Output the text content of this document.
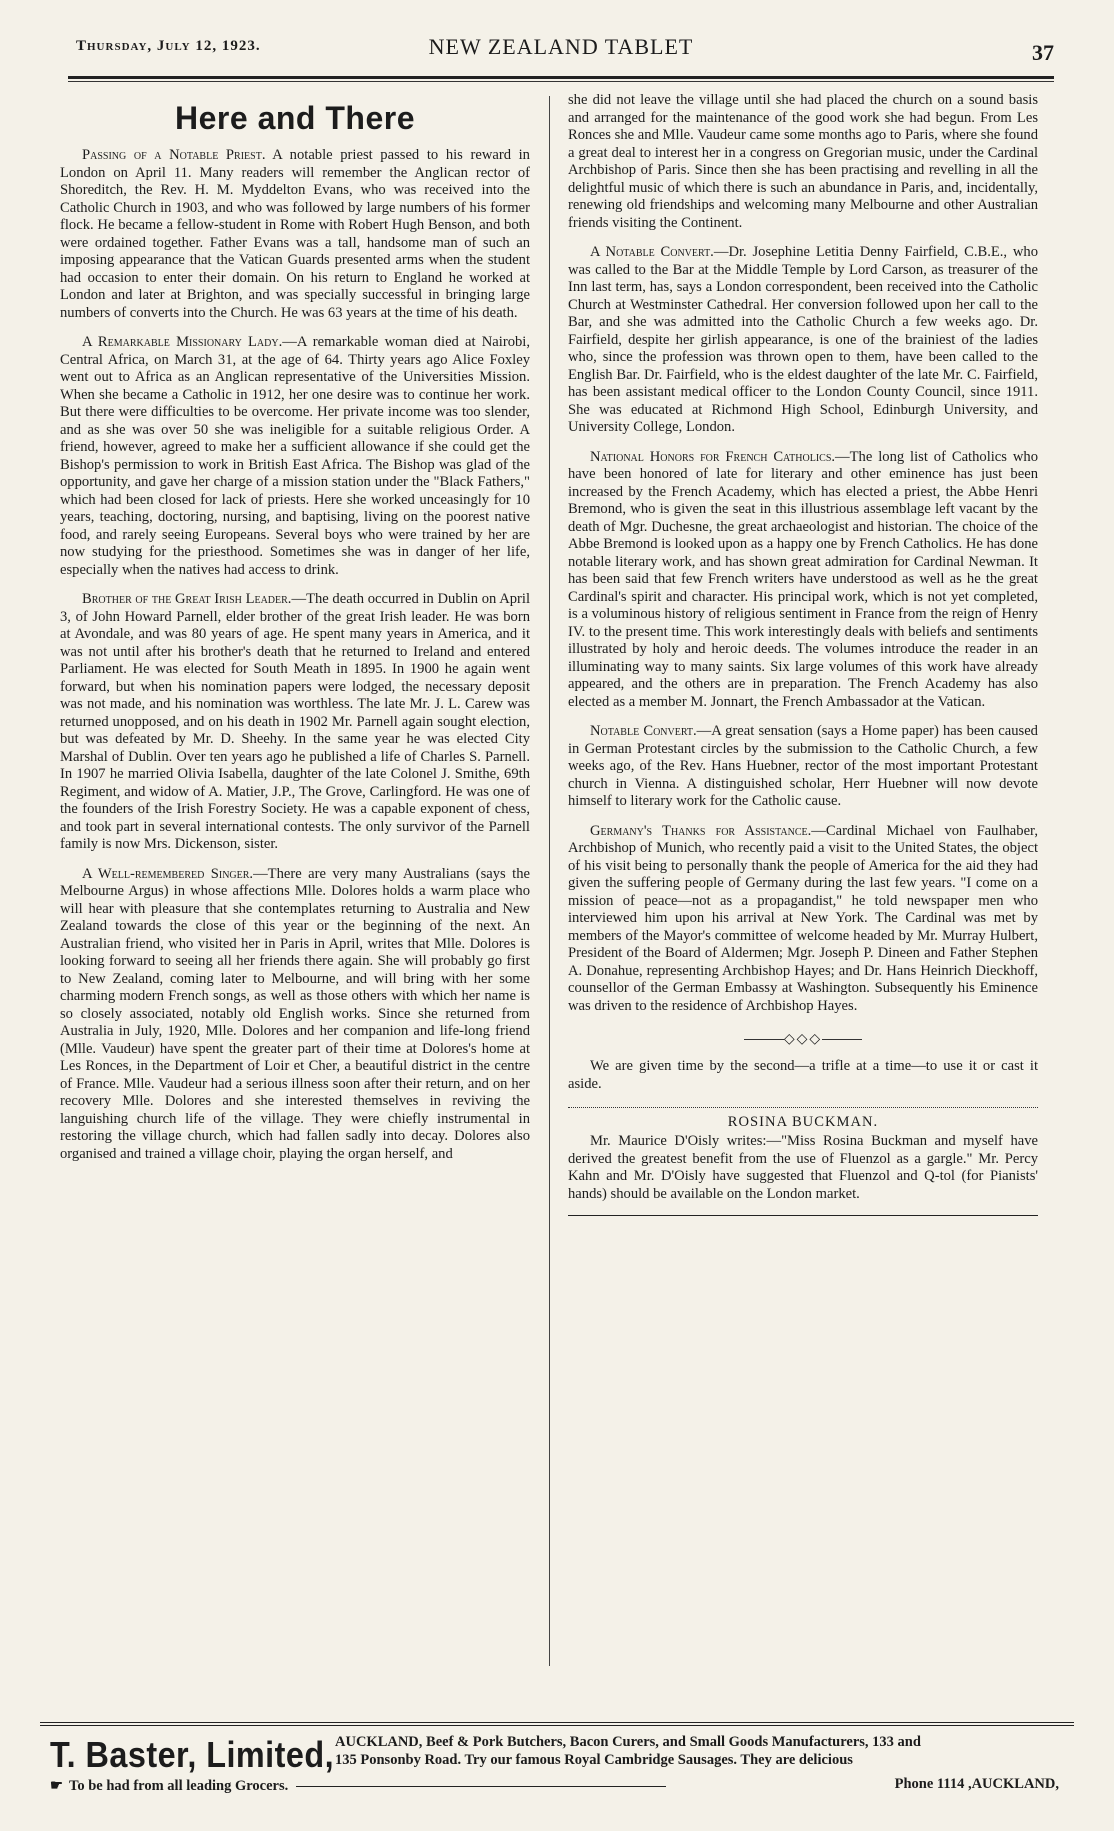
Thursday, July 12, 1923.	NEW ZEALAND TABLET	37
Here and There

Passing of a Notable Priest. A notable priest passed to his reward in London on April 11. Many readers will remember the Anglican rector of Shoreditch, the Rev. H. M. Myddelton Evans, who was received into the Catholic Church in 1903, and who was followed by large numbers of his former flock. He became a fellow-student in Rome with Robert Hugh Benson, and both were ordained together. Father Evans was a tall, handsome man of such an imposing appearance that the Vatican Guards presented arms when the student had occasion to enter their domain. On his return to England he worked at London and later at Brighton, and was specially successful in bringing large numbers of converts into the Church. He was 63 years at the time of his death.

A Remarkable Missionary Lady.—A remarkable woman died at Nairobi, Central Africa, on March 31, at the age of 64. Thirty years ago Alice Foxley went out to Africa as an Anglican representative of the Universities Mission. When she became a Catholic in 1912, her one desire was to continue her work. But there were difficulties to be overcome. Her private income was too slender, and as she was over 50 she was ineligible for a suitable religious Order. A friend, however, agreed to make her a sufficient allowance if she could get the Bishop's permission to work in British East Africa. The Bishop was glad of the opportunity, and gave her charge of a mission station under the "Black Fathers," which had been closed for lack of priests. Here she worked unceasingly for 10 years, teaching, doctoring, nursing, and baptising, living on the poorest native food, and rarely seeing Europeans. Several boys who were trained by her are now studying for the priesthood. Sometimes she was in danger of her life, especially when the natives had access to drink.

Brother of the Great Irish Leader.—The death occurred in Dublin on April 3, of John Howard Parnell, elder brother of the great Irish leader. He was born at Avondale, and was 80 years of age. He spent many years in America, and it was not until after his brother's death that he returned to Ireland and entered Parliament. He was elected for South Meath in 1895. In 1900 he again went forward, but when his nomination papers were lodged, the necessary deposit was not made, and his nomination was worthless. The late Mr. J. L. Carew was returned unopposed, and on his death in 1902 Mr. Parnell again sought election, but was defeated by Mr. D. Sheehy. In the same year he was elected City Marshal of Dublin. Over ten years ago he published a life of Charles S. Parnell. In 1907 he married Olivia Isabella, daughter of the late Colonel J. Smithe, 69th Regiment, and widow of A. Matier, J.P., The Grove, Carlingford. He was one of the founders of the Irish Forestry Society. He was a capable exponent of chess, and took part in several international contests. The only survivor of the Parnell family is now Mrs. Dickenson, sister.

A Well-remembered Singer.—There are very many Australians (says the Melbourne Argus) in whose affections Mlle. Dolores holds a warm place who will hear with pleasure that she contemplates returning to Australia and New Zealand towards the close of this year or the beginning of the next. An Australian friend, who visited her in Paris in April, writes that Mlle. Dolores is looking forward to seeing all her friends there again. She will probably go first to New Zealand, coming later to Melbourne, and will bring with her some charming modern French songs, as well as those others with which her name is so closely associated, notably old English works. Since she returned from Australia in July, 1920, Mlle. Dolores and her companion and life-long friend (Mlle. Vaudeur) have spent the greater part of their time at Dolores's home at Les Ronces, in the Department of Loir et Cher, a beautiful district in the centre of France. Mlle. Vaudeur had a serious illness soon after their return, and on her recovery Mlle. Dolores and she interested themselves in reviving the languishing church life of the village. They were chiefly instrumental in restoring the village church, which had fallen sadly into decay. Dolores also organised and trained a village choir, playing the organ herself, and

she did not leave the village until she had placed the church on a sound basis and arranged for the maintenance of the good work she had begun. From Les Ronces she and Mlle. Vaudeur came some months ago to Paris, where she found a great deal to interest her in a congress on Gregorian music, under the Cardinal Archbishop of Paris. Since then she has been practising and revelling in all the delightful music of which there is such an abundance in Paris, and, incidentally, renewing old friendships and welcoming many Melbourne and other Australian friends visiting the Continent.

A Notable Convert.—Dr. Josephine Letitia Denny Fairfield, C.B.E., who was called to the Bar at the Middle Temple by Lord Carson, as treasurer of the Inn last term, has, says a London correspondent, been received into the Catholic Church at Westminster Cathedral. Her conversion followed upon her call to the Bar, and she was admitted into the Catholic Church a few weeks ago. Dr. Fairfield, despite her girlish appearance, is one of the brainiest of the ladies who, since the profession was thrown open to them, have been called to the English Bar. Dr. Fairfield, who is the eldest daughter of the late Mr. C. Fairfield, has been assistant medical officer to the London County Council, since 1911. She was educated at Richmond High School, Edinburgh University, and University College, London.

National Honors for French Catholics.—The long list of Catholics who have been honored of late for literary and other eminence has just been increased by the French Academy, which has elected a priest, the Abbe Henri Bremond, who is given the seat in this illustrious assemblage left vacant by the death of Mgr. Duchesne, the great archaeologist and historian. The choice of the Abbe Bremond is looked upon as a happy one by French Catholics. He has done notable literary work, and has shown great admiration for Cardinal Newman. It has been said that few French writers have understood as well as he the great Cardinal's spirit and character. His principal work, which is not yet completed, is a voluminous history of religious sentiment in France from the reign of Henry IV. to the present time. This work interestingly deals with beliefs and sentiments illustrated by holy and heroic deeds. The volumes introduce the reader in an illuminating way to many saints. Six large volumes of this work have already appeared, and the others are in preparation. The French Academy has also elected as a member M. Jonnart, the French Ambassador at the Vatican.

Notable Convert.—A great sensation (says a Home paper) has been caused in German Protestant circles by the submission to the Catholic Church, a few weeks ago, of the Rev. Hans Huebner, rector of the most important Protestant church in Vienna. A distinguished scholar, Herr Huebner will now devote himself to literary work for the Catholic cause.

Germany's Thanks for Assistance.—Cardinal Michael von Faulhaber, Archbishop of Munich, who recently paid a visit to the United States, the object of his visit being to personally thank the people of America for the aid they had given the suffering people of Germany during the last few years. "I come on a mission of peace—not as a propagandist," he told newspaper men who interviewed him upon his arrival at New York. The Cardinal was met by members of the Mayor's committee of welcome headed by Mr. Murray Hulbert, President of the Board of Aldermen; Mgr. Joseph P. Dineen and Father Stephen A. Donahue, representing Archbishop Hayes; and Dr. Hans Heinrich Dieckhoff, counsellor of the German Embassy at Washington. Subsequently his Eminence was driven to the residence of Archbishop Hayes.

◇◇◇

We are given time by the second—a trifle at a time—to use it or cast it aside.

ROSINA BUCKMAN.

Mr. Maurice D'Oisly writes:—"Miss Rosina Buckman and myself have derived the greatest benefit from the use of Fluenzol as a gargle." Mr. Percy Kahn and Mr. D'Oisly have suggested that Fluenzol and Q-tol (for Pianists' hands) should be available on the London market.

T. Baster, Limited, AUCKLAND, Beef & Pork Butchers, Bacon Curers, and Small Goods Manufacturers, 133 and
135 Ponsonby Road. Try our famous Royal Cambridge Sausages. They are delicious
☛ To be had from all leading Grocers.	Phone 1114 ,AUCKLAND,
